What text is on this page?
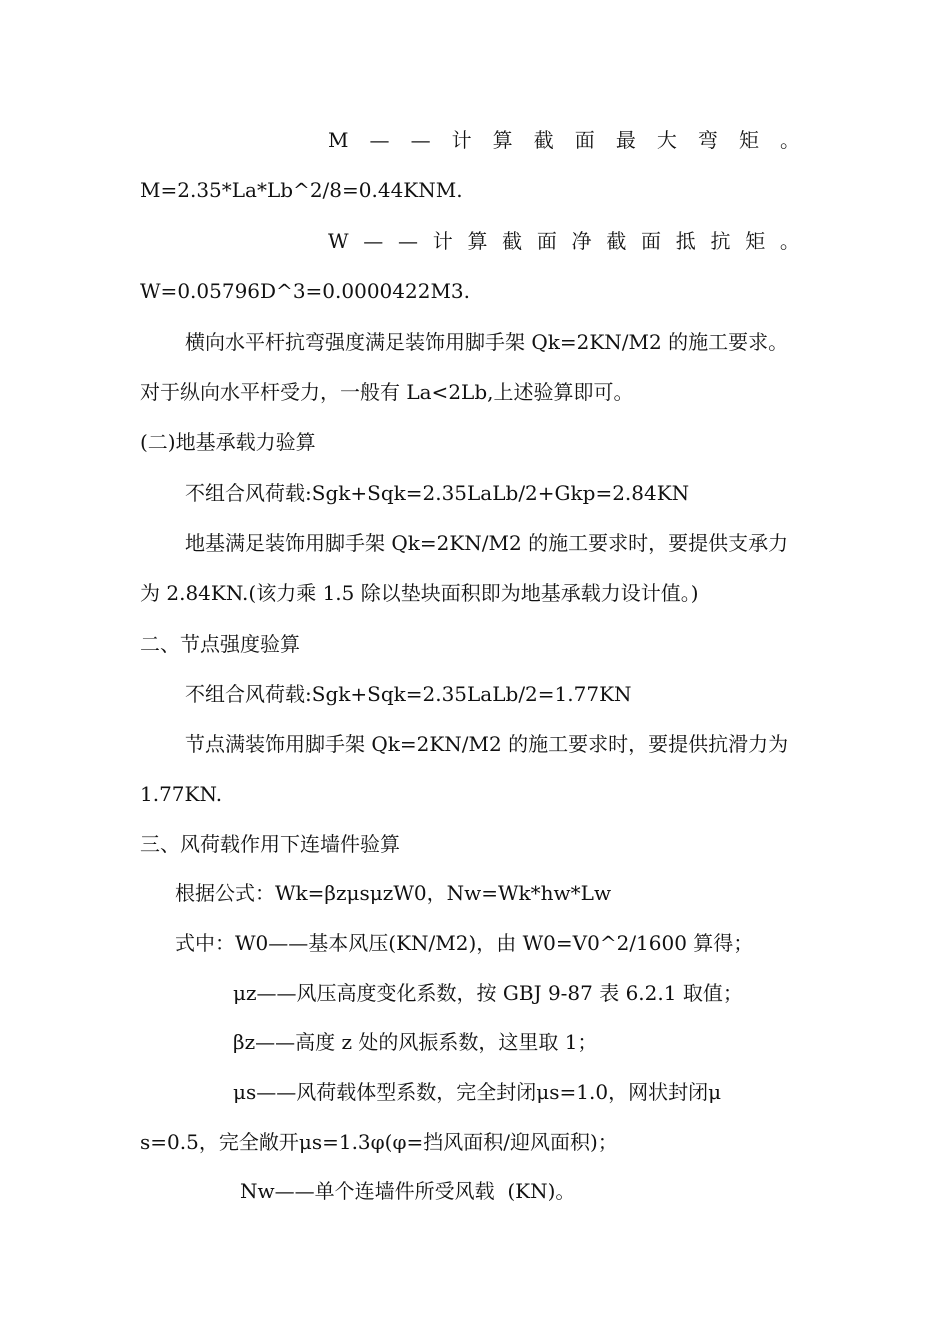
M — — 计 算 截 面 最 大 弯 矩 。

M=2.35*La*Lb^2/8=0.44KNM.

W — — 计 算 截 面 净 截 面 抵 抗 矩 。

W=0.05796D^3=0.0000422M3.

横向水平杆抗弯强度满足装饰用脚手架 Qk=2KN/M2 的施工要求。

对于纵向水平杆受力，一般有 La<2Lb,上述验算即可。

(二)地基承载力验算

不组合风荷载:Sgk+Sqk=2.35LaLb/2+Gkp=2.84KN

地基满足装饰用脚手架 Qk=2KN/M2 的施工要求时，要提供支承力

为 2.84KN.(该力乘 1.5 除以垫块面积即为地基承载力设计值。)

二、节点强度验算

不组合风荷载:Sgk+Sqk=2.35LaLb/2=1.77KN

节点满装饰用脚手架 Qk=2KN/M2 的施工要求时，要提供抗滑力为

1.77KN.

三、风荷载作用下连墙件验算

根据公式：Wk=βzμsμzW0，Nw=Wk*hw*Lw

式中：W0——基本风压(KN/M2)，由 W0=V0^2/1600 算得；

μz——风压高度变化系数，按 GBJ 9-87 表 6.2.1 取值；

βz——高度 z 处的风振系数，这里取 1；

μs——风荷载体型系数，完全封闭μs=1.0，网状封闭μ

s=0.5，完全敞开μs=1.3φ(φ=挡风面积/迎风面积)；

Nw——单个连墙件所受风载  (KN)。
